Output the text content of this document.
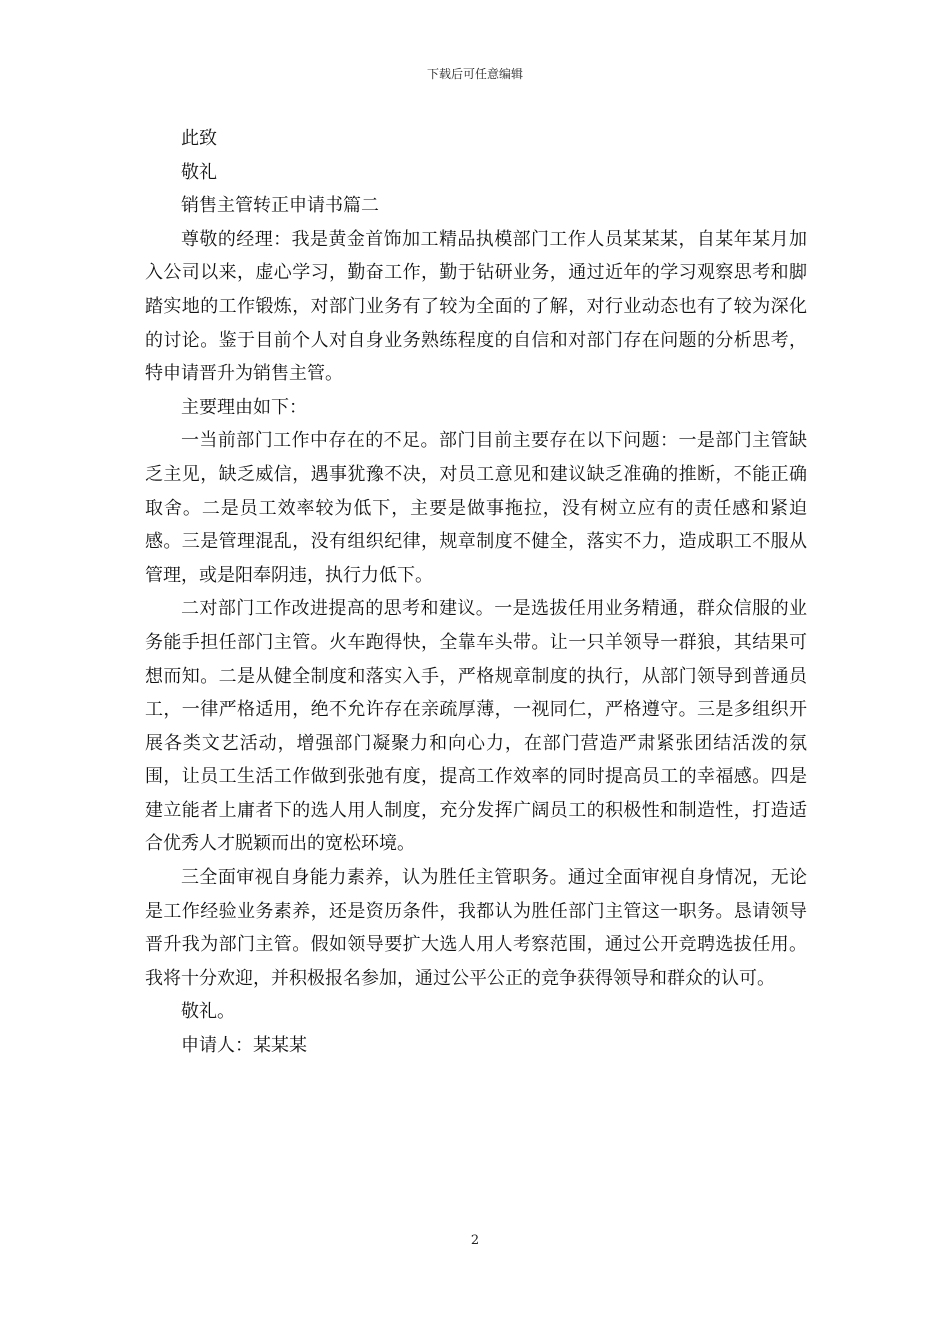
下载后可任意编辑

此致

敬礼

销售主管转正申请书篇二

尊敬的经理：我是黄金首饰加工精品执模部门工作人员某某某，自某年某月加入公司以来，虚心学习，勤奋工作，勤于钻研业务，通过近年的学习观察思考和脚踏实地的工作锻炼，对部门业务有了较为全面的了解，对行业动态也有了较为深化的讨论。鉴于目前个人对自身业务熟练程度的自信和对部门存在问题的分析思考，特申请晋升为销售主管。

主要理由如下：

一当前部门工作中存在的不足。部门目前主要存在以下问题：一是部门主管缺乏主见，缺乏威信，遇事犹豫不决，对员工意见和建议缺乏准确的推断，不能正确取舍。二是员工效率较为低下，主要是做事拖拉，没有树立应有的责任感和紧迫感。三是管理混乱，没有组织纪律，规章制度不健全，落实不力，造成职工不服从管理，或是阳奉阴违，执行力低下。

二对部门工作改进提高的思考和建议。一是选拔任用业务精通，群众信服的业务能手担任部门主管。火车跑得快，全靠车头带。让一只羊领导一群狼，其结果可想而知。二是从健全制度和落实入手，严格规章制度的执行，从部门领导到普通员工，一律严格适用，绝不允许存在亲疏厚薄，一视同仁，严格遵守。三是多组织开展各类文艺活动，增强部门凝聚力和向心力，在部门营造严肃紧张团结活泼的氛围，让员工生活工作做到张弛有度，提高工作效率的同时提高员工的幸福感。四是建立能者上庸者下的选人用人制度，充分发挥广阔员工的积极性和制造性，打造适合优秀人才脱颖而出的宽松环境。

三全面审视自身能力素养，认为胜任主管职务。通过全面审视自身情况，无论是工作经验业务素养，还是资历条件，我都认为胜任部门主管这一职务。恳请领导晋升我为部门主管。假如领导要扩大选人用人考察范围，通过公开竞聘选拔任用。我将十分欢迎，并积极报名参加，通过公平公正的竞争获得领导和群众的认可。

敬礼。

申请人：某某某

2
